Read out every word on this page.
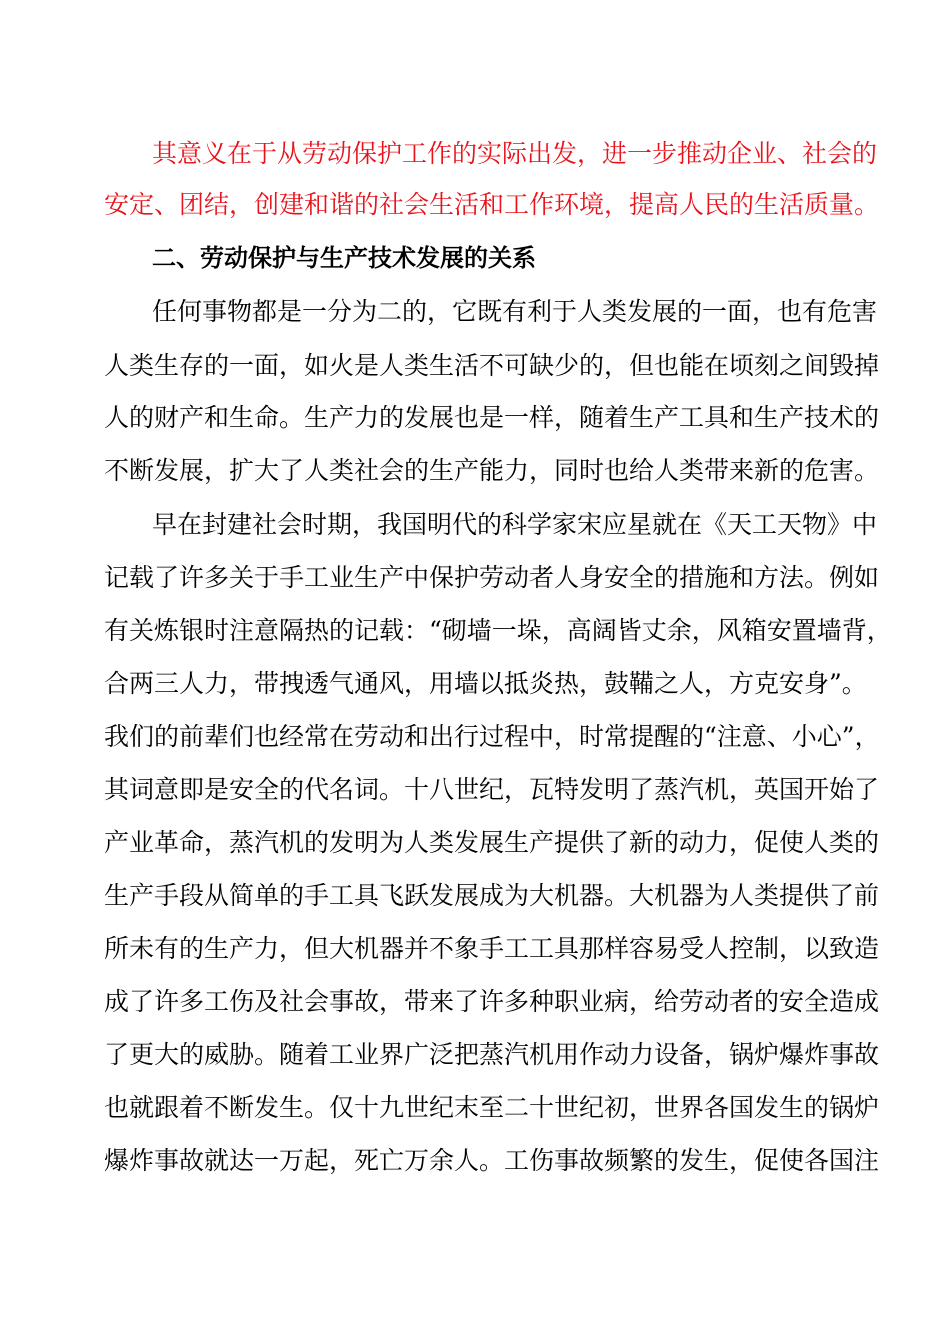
其意义在于从劳动保护工作的实际出发，进一步推动企业、社会的
安定、团结，创建和谐的社会生活和工作环境，提高人民的生活质量。
二、劳动保护与生产技术发展的关系
任何事物都是一分为二的，它既有利于人类发展的一面，也有危害
人类生存的一面，如火是人类生活不可缺少的，但也能在顷刻之间毁掉
人的财产和生命。生产力的发展也是一样，随着生产工具和生产技术的
不断发展，扩大了人类社会的生产能力，同时也给人类带来新的危害。
早在封建社会时期，我国明代的科学家宋应星就在《天工天物》中
记载了许多关于手工业生产中保护劳动者人身安全的措施和方法。例如
有关炼银时注意隔热的记载：“砌墙一垛，高阔皆丈余，风箱安置墙背，
合两三人力，带拽透气通风，用墙以抵炎热，鼓鞴之人，方克安身”。
我们的前辈们也经常在劳动和出行过程中，时常提醒的“注意、小心”，
其词意即是安全的代名词。十八世纪，瓦特发明了蒸汽机，英国开始了
产业革命，蒸汽机的发明为人类发展生产提供了新的动力，促使人类的
生产手段从简单的手工具飞跃发展成为大机器。大机器为人类提供了前
所未有的生产力，但大机器并不象手工工具那样容易受人控制，以致造
成了许多工伤及社会事故，带来了许多种职业病，给劳动者的安全造成
了更大的威胁。随着工业界广泛把蒸汽机用作动力设备，锅炉爆炸事故
也就跟着不断发生。仅十九世纪末至二十世纪初，世界各国发生的锅炉
爆炸事故就达一万起，死亡万余人。工伤事故频繁的发生，促使各国注
